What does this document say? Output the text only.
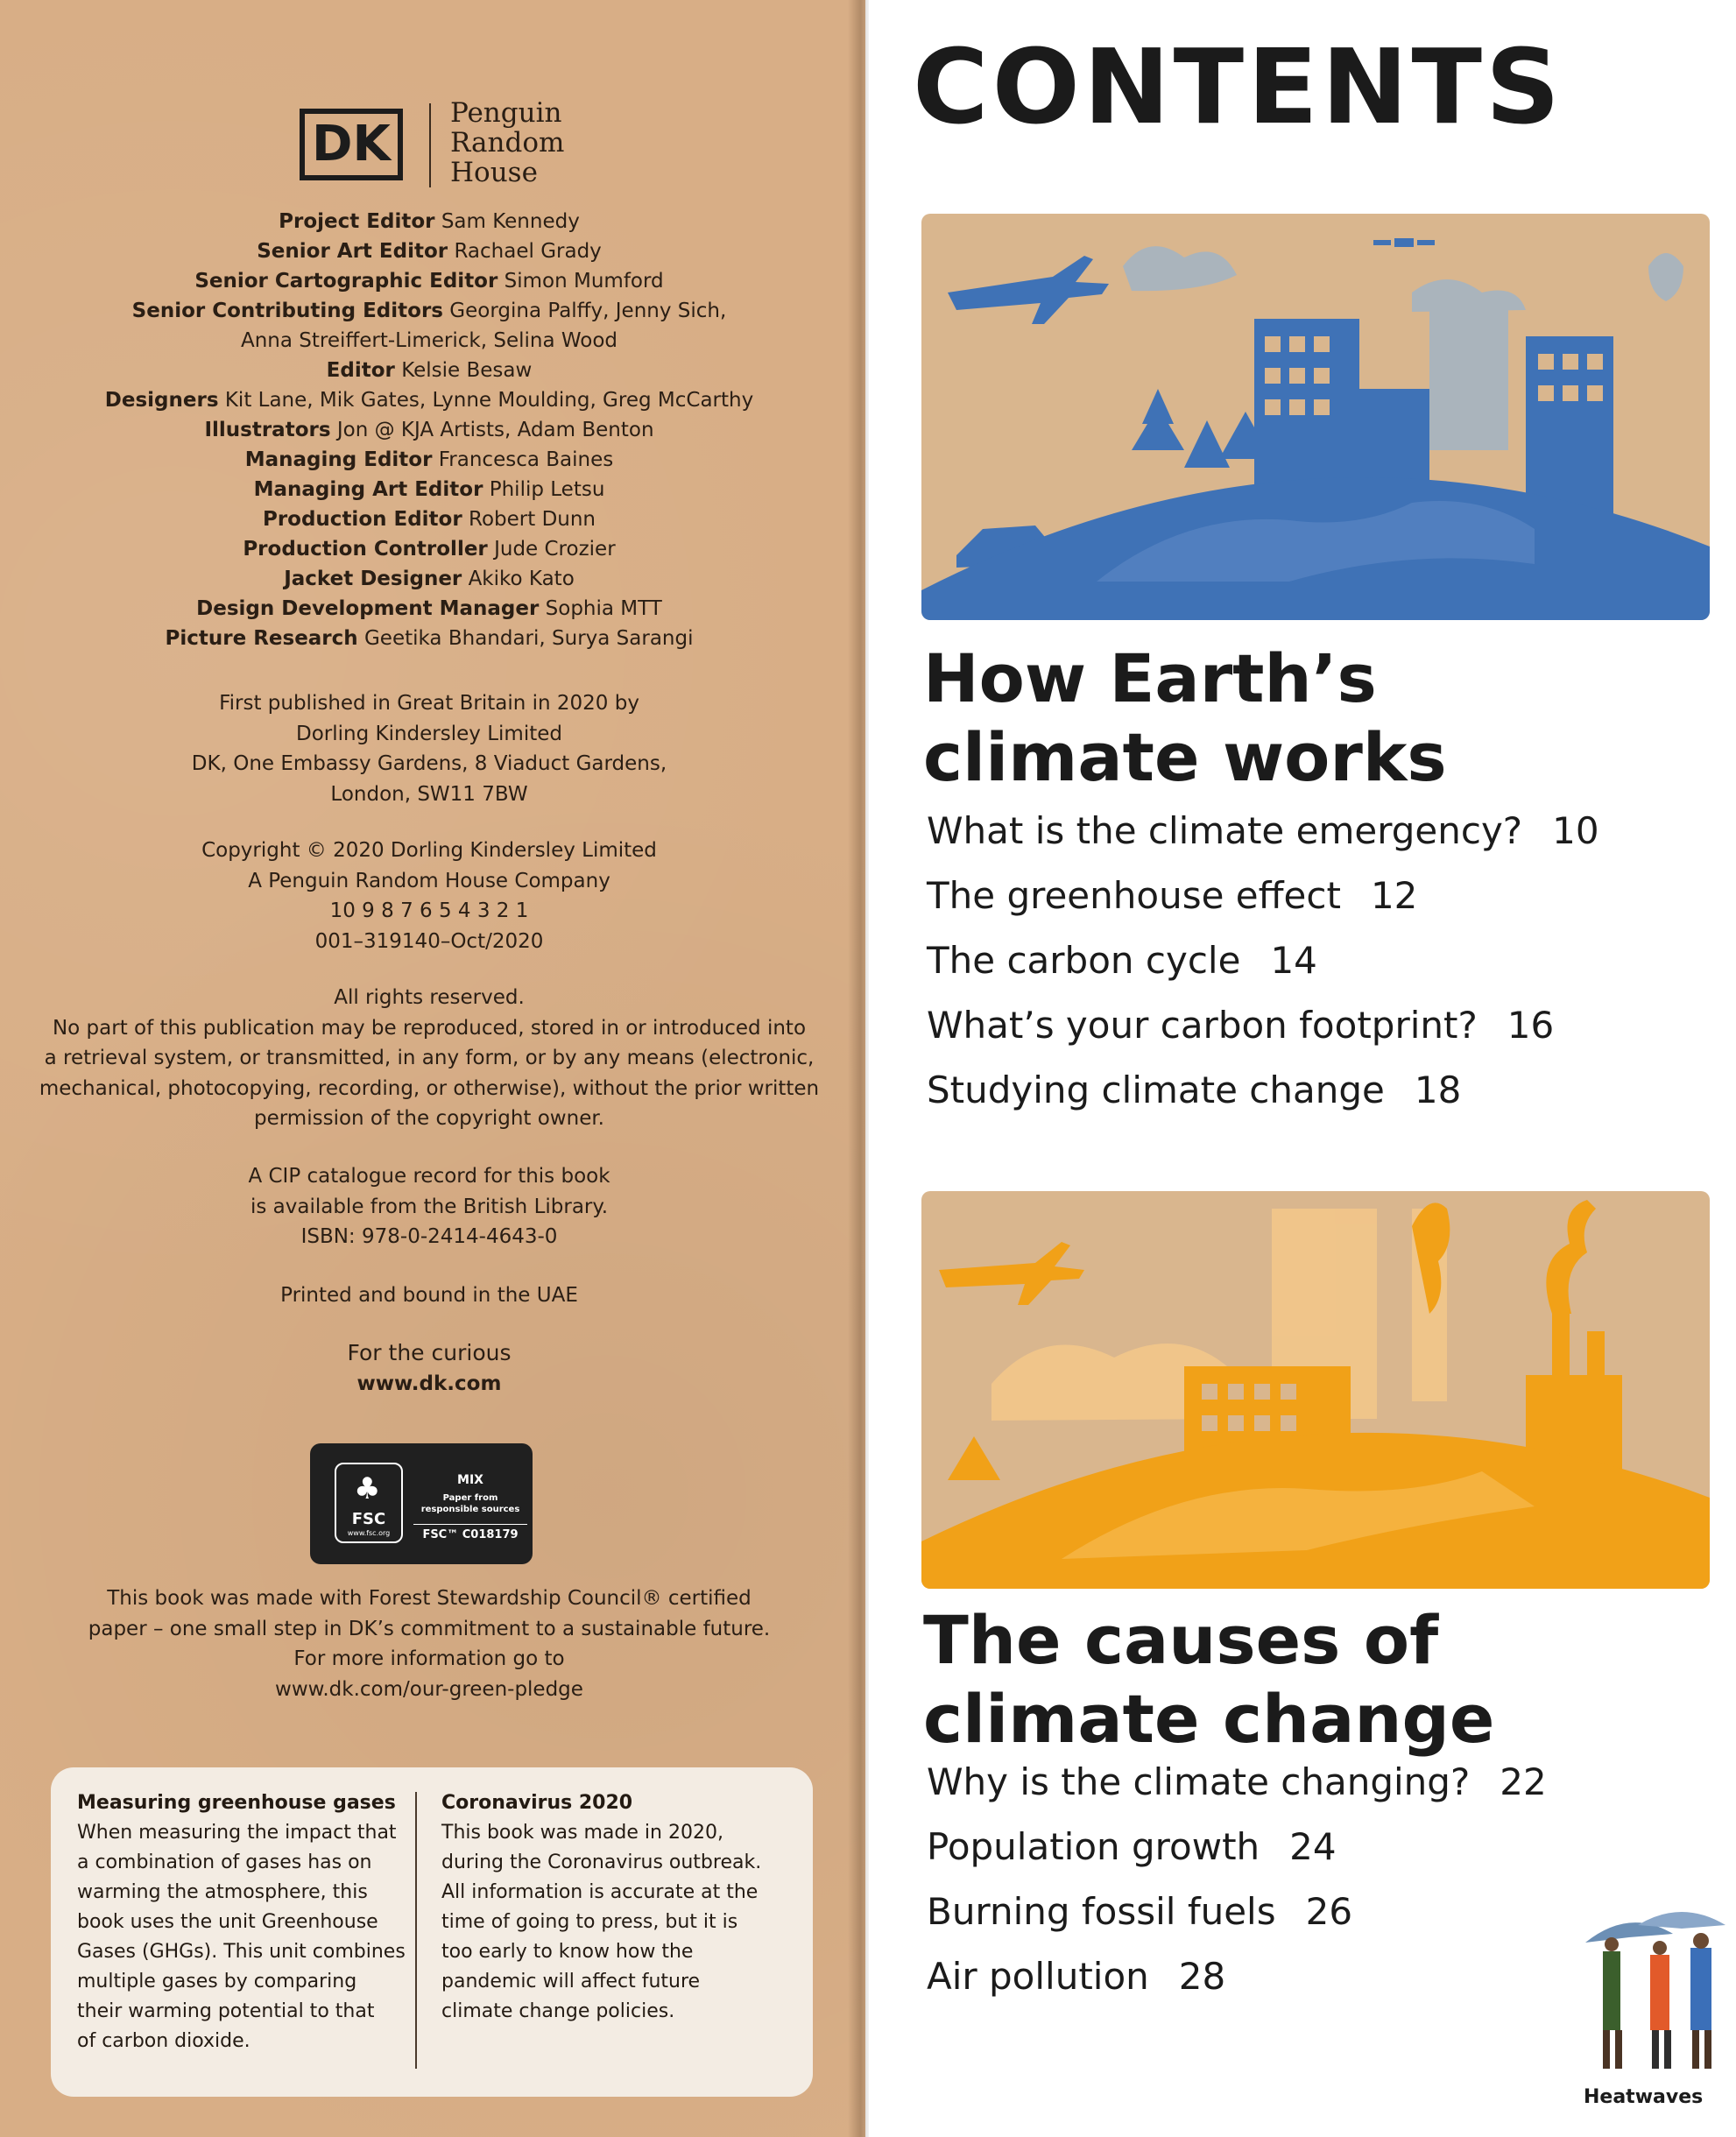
DK
Penguin
Random
House
Project Editor Sam Kennedy
Senior Art Editor Rachael Grady
Senior Cartographic Editor Simon Mumford
Senior Contributing Editors Georgina Palffy, Jenny Sich,
Anna Streiffert-Limerick, Selina Wood
Editor Kelsie Besaw
Designers Kit Lane, Mik Gates, Lynne Moulding, Greg McCarthy
Illustrators Jon @ KJA Artists, Adam Benton
Managing Editor Francesca Baines
Managing Art Editor Philip Letsu
Production Editor Robert Dunn
Production Controller Jude Crozier
Jacket Designer Akiko Kato
Design Development Manager Sophia MTT
Picture Research Geetika Bhandari, Surya Sarangi

First published in Great Britain in 2020 by

Dorling Kindersley Limited

DK, One Embassy Gardens, 8 Viaduct Gardens,

London, SW11 7BW

Copyright © 2020 Dorling Kindersley Limited

A Penguin Random House Company

10 9 8 7 6 5 4 3 2 1

001–319140–Oct/2020

All rights reserved.

No part of this publication may be reproduced, stored in or introduced into

a retrieval system, or transmitted, in any form, or by any means (electronic,

mechanical, photocopying, recording, or otherwise), without the prior written

permission of the copyright owner.

A CIP catalogue record for this book

is available from the British Library.

ISBN: 978-0-2414-4643-0

Printed and bound in the UAE

For the curious

www.dk.com

♣
FSC
www.fsc.org
MIX
Paper from responsible sources
FSC™ C018179

This book was made with Forest Stewardship Council® certified

paper – one small step in DK’s commitment to a sustainable future.

For more information go to

www.dk.com/our-green-pledge

Measuring greenhouse gases

When measuring the impact that

a combination of gases has on

warming the atmosphere, this

book uses the unit Greenhouse

Gases (GHGs). This unit combines

multiple gases by comparing

their warming potential to that

of carbon dioxide.

Coronavirus 2020

This book was made in 2020,

during the Coronavirus outbreak.

All information is accurate at the

time of going to press, but it is

too early to know how the

pandemic will affect future

climate change policies.

CONTENTS
How Earth’s
climate works
What is the climate emergency? 10
The greenhouse effect 12
The carbon cycle 14
What’s your carbon footprint? 16
Studying climate change 18
The causes of
climate change
Why is the climate changing? 22
Population growth 24
Burning fossil fuels 26
Air pollution 28
Heatwaves
